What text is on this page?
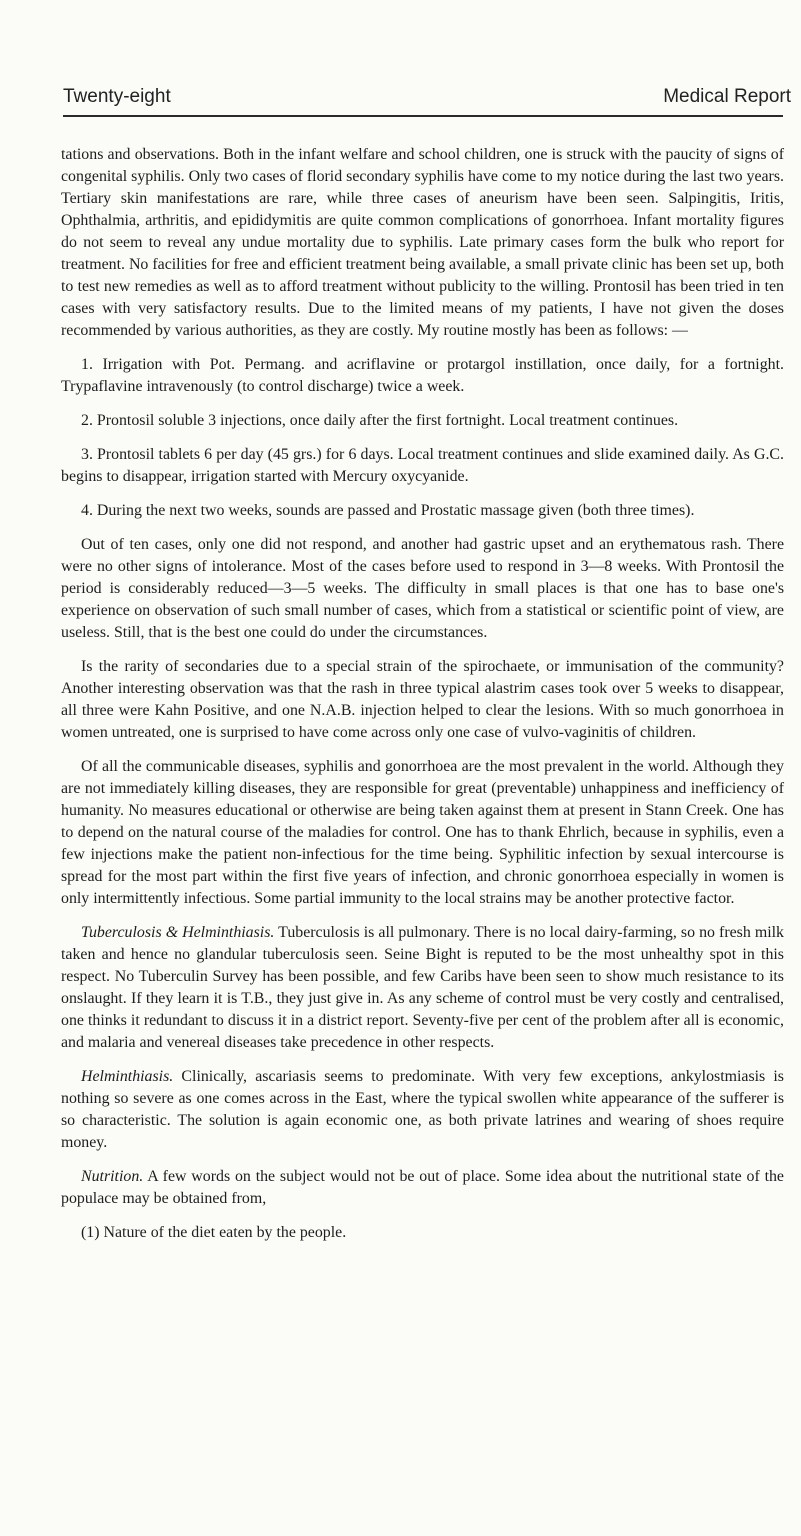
Twenty-eight	Medical Report

tations and observations. Both in the infant welfare and school children, one is struck with the paucity of signs of congenital syphilis. Only two cases of florid secondary syphilis have come to my notice during the last two years. Tertiary skin manifestations are rare, while three cases of aneurism have been seen. Salpingitis, Iritis, Ophthalmia, arthritis, and epididymitis are quite common complications of gonorrhoea. Infant mortality figures do not seem to reveal any undue mortality due to syphilis. Late primary cases form the bulk who report for treatment. No facilities for free and efficient treatment being available, a small private clinic has been set up, both to test new remedies as well as to afford treatment without publicity to the willing. Prontosil has been tried in ten cases with very satisfactory results. Due to the limited means of my patients, I have not given the doses recommended by various authorities, as they are costly. My routine mostly has been as follows: —

1. Irrigation with Pot. Permang. and acriflavine or protargol instillation, once daily, for a fortnight. Trypaflavine intravenously (to control discharge) twice a week.
2. Prontosil soluble 3 injections, once daily after the first fortnight. Local treatment continues.
3. Prontosil tablets 6 per day (45 grs.) for 6 days. Local treatment continues and slide examined daily. As G.C. begins to disappear, irrigation started with Mercury oxycyanide.
4. During the next two weeks, sounds are passed and Prostatic massage given (both three times).

Out of ten cases, only one did not respond, and another had gastric upset and an erythematous rash. There were no other signs of intolerance. Most of the cases before used to respond in 3—8 weeks. With Prontosil the period is considerably reduced—3—5 weeks. The difficulty in small places is that one has to base one's experience on observation of such small number of cases, which from a statistical or scientific point of view, are useless. Still, that is the best one could do under the circumstances.

Is the rarity of secondaries due to a special strain of the spirochaete, or immunisation of the community? Another interesting observation was that the rash in three typical alastrim cases took over 5 weeks to disappear, all three were Kahn Positive, and one N.A.B. injection helped to clear the lesions. With so much gonorrhoea in women untreated, one is surprised to have come across only one case of vulvo-vaginitis of children.

Of all the communicable diseases, syphilis and gonorrhoea are the most prevalent in the world. Although they are not immediately killing diseases, they are responsible for great (preventable) unhappiness and inefficiency of humanity. No measures educational or otherwise are being taken against them at present in Stann Creek. One has to depend on the natural course of the maladies for control. One has to thank Ehrlich, because in syphilis, even a few injections make the patient non-infectious for the time being. Syphilitic infection by sexual intercourse is spread for the most part within the first five years of infection, and chronic gonorrhoea especially in women is only intermittently infectious. Some partial immunity to the local strains may be another protective factor.

Tuberculosis & Helminthiasis. Tuberculosis is all pulmonary. There is no local dairy-farming, so no fresh milk taken and hence no glandular tuberculosis seen. Seine Bight is reputed to be the most unhealthy spot in this respect. No Tuberculin Survey has been possible, and few Caribs have been seen to show much resistance to its onslaught. If they learn it is T.B., they just give in. As any scheme of control must be very costly and centralised, one thinks it redundant to discuss it in a district report. Seventy-five per cent of the problem after all is economic, and malaria and venereal diseases take precedence in other respects.

Helminthiasis. Clinically, ascariasis seems to predominate. With very few exceptions, ankylostmiasis is nothing so severe as one comes across in the East, where the typical swollen white appearance of the sufferer is so characteristic. The solution is again economic one, as both private latrines and wearing of shoes require money.

Nutrition. A few words on the subject would not be out of place. Some idea about the nutritional state of the populace may be obtained from,

(1) Nature of the diet eaten by the people.
